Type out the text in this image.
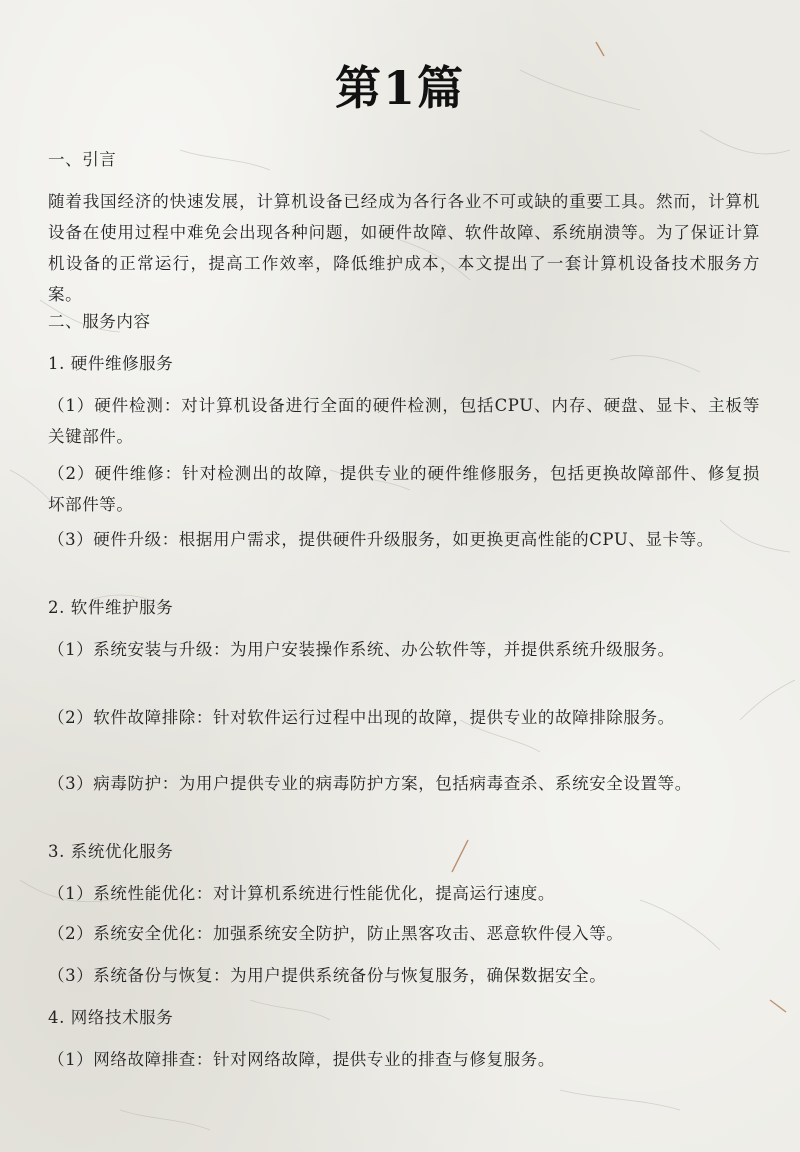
第1篇
一、引言
随着我国经济的快速发展，计算机设备已经成为各行各业不可或缺的重要工具。然而，计算机设备在使用过程中难免会出现各种问题，如硬件故障、软件故障、系统崩溃等。为了保证计算机设备的正常运行，提高工作效率，降低维护成本，本文提出了一套计算机设备技术服务方案。
二、服务内容
1. 硬件维修服务
（1）硬件检测：对计算机设备进行全面的硬件检测，包括CPU、内存、硬盘、显卡、主板等关键部件。
（2）硬件维修：针对检测出的故障，提供专业的硬件维修服务，包括更换故障部件、修复损坏部件等。
（3）硬件升级：根据用户需求，提供硬件升级服务，如更换更高性能的CPU、显卡等。
2. 软件维护服务
（1）系统安装与升级：为用户安装操作系统、办公软件等，并提供系统升级服务。
（2）软件故障排除：针对软件运行过程中出现的故障，提供专业的故障排除服务。
（3）病毒防护：为用户提供专业的病毒防护方案，包括病毒查杀、系统安全设置等。
3. 系统优化服务
（1）系统性能优化：对计算机系统进行性能优化，提高运行速度。
（2）系统安全优化：加强系统安全防护，防止黑客攻击、恶意软件侵入等。
（3）系统备份与恢复：为用户提供系统备份与恢复服务，确保数据安全。
4. 网络技术服务
（1）网络故障排查：针对网络故障，提供专业的排查与修复服务。
